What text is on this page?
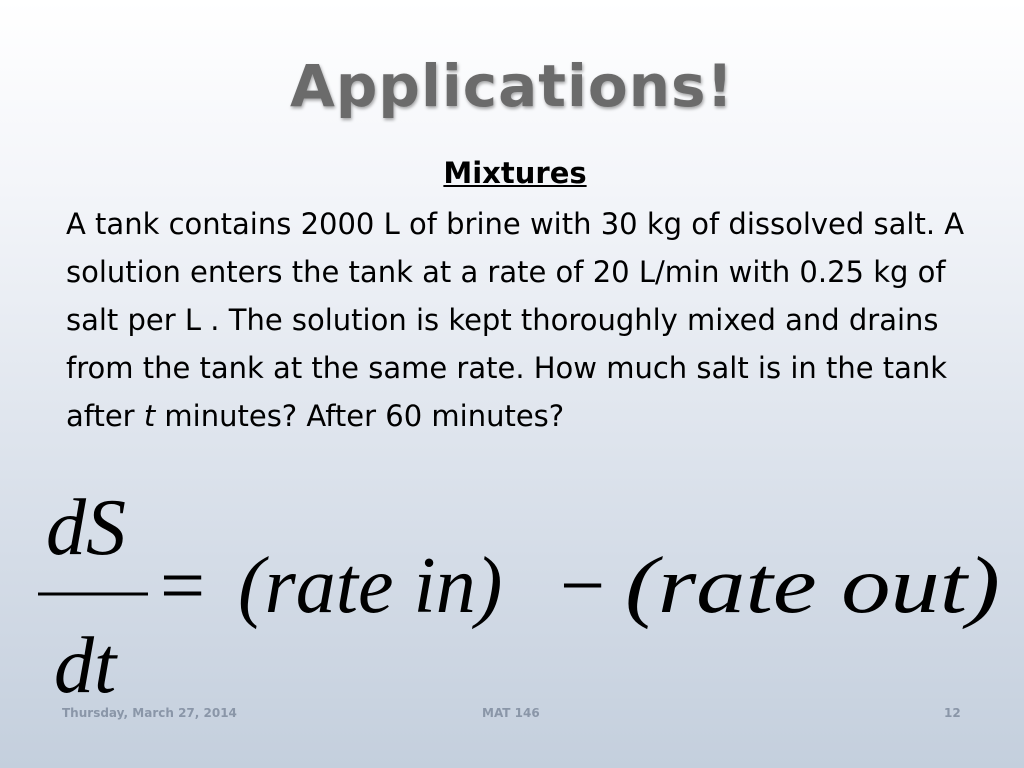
Applications!
Mixtures
A tank contains 2000 L of brine with 30 kg of dissolved salt. A solution enters the tank at a rate of 20 L/min with 0.25 kg of salt per L . The solution is kept thoroughly mixed and drains from the tank at the same rate. How much salt is in the tank after t minutes? After 60 minutes?
dS
dt
= (rate in) − (rate out)
Thursday, March 27, 2014	MAT 146	12
